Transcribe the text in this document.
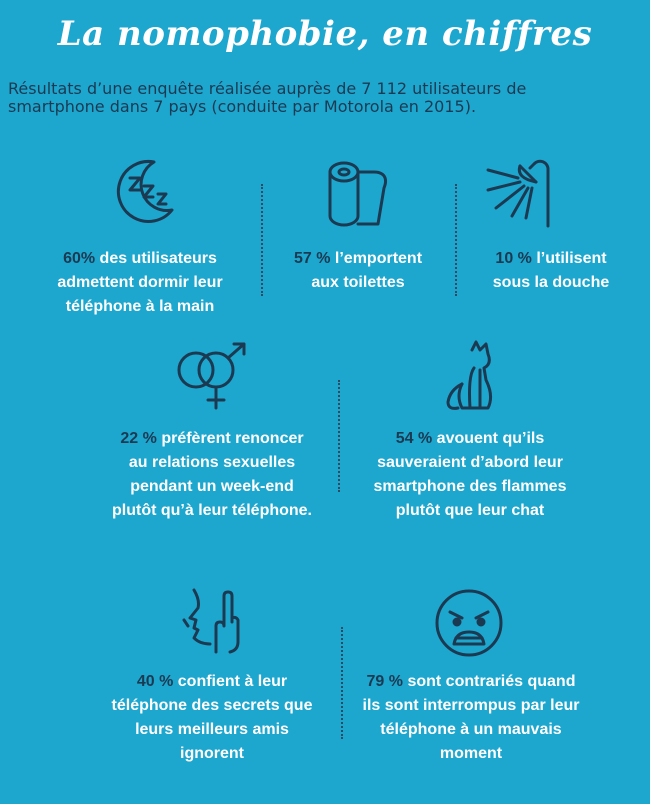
La nomophobie, en chiffres
Résultats d’une enquête réalisée auprès de 7 112 utilisateurs de smartphone dans 7 pays (conduite par Motorola en 2015).
60% des utilisateurs admettent dormir leur téléphone à la main
57 % l’emportent aux toilettes
10 % l’utilisent sous la douche
22 % préfèrent renoncer au relations sexuelles pendant un week-end plutôt qu’à leur téléphone.
54 % avouent qu’ils sauveraient d’abord leur smartphone des flammes plutôt que leur chat
40 % confient à leur téléphone des secrets que leurs meilleurs amis ignorent
79 % sont contrariés quand ils sont interrompus par leur téléphone à un mauvais moment
